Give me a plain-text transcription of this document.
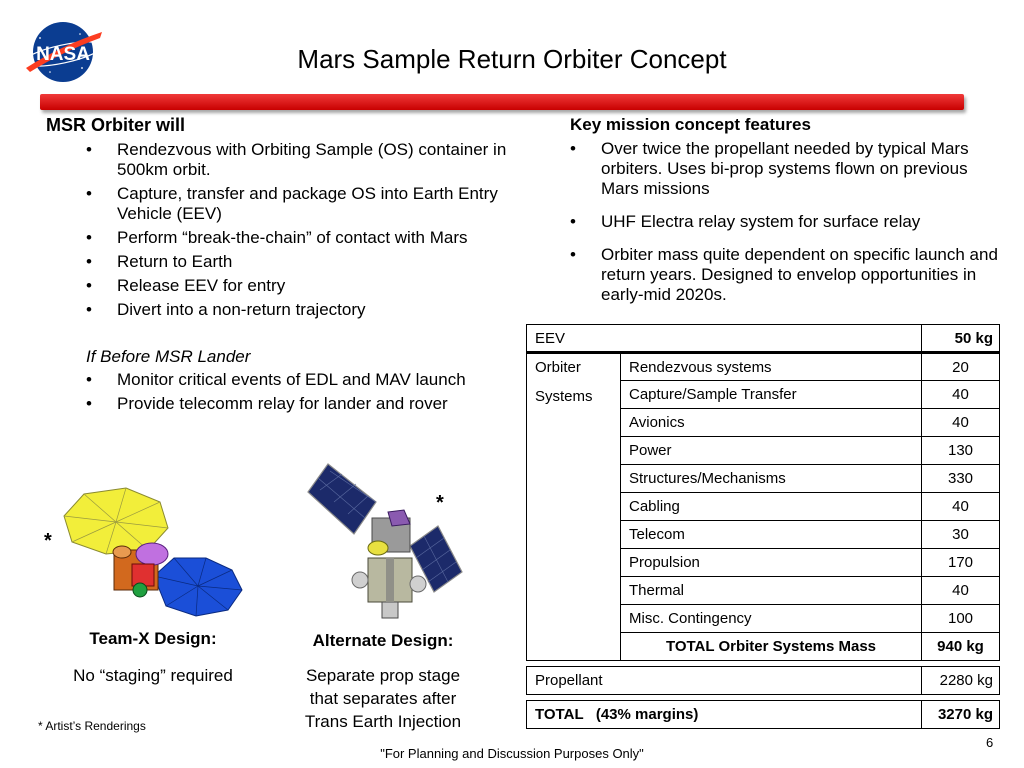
NASA	Mars Sample Return Orbiter Concept
MSR Orbiter will
• Rendezvous with Orbiting Sample (OS) container in 500km orbit.
• Capture, transfer and package OS into Earth Entry Vehicle (EEV)
• Perform “break-the-chain” of contact with Mars
• Return to Earth
• Release EEV for entry
• Divert into a non-return trajectory
If Before MSR Lander
• Monitor critical events of EDL and MAV launch
• Provide telecomm relay for lander and rover
Key mission concept features
• Over twice the propellant needed by typical Mars orbiters. Uses bi-prop systems flown on previous Mars missions
• UHF Electra relay system for surface relay
• Orbiter mass quite dependent on specific launch and return years. Designed to envelop opportunities in early-mid 2020s.
EEV		50 kg

Orbiter
Systems	Rendezvous systems	20
	Capture/Sample Transfer	40
	Avionics	40
	Power	130
	Structures/Mechanisms	330
	Cabling	40
	Telecom	30
	Propulsion	170
	Thermal	40
	Misc. Contingency	100
	TOTAL Orbiter Systems Mass	940 kg

Propellant		2280 kg

TOTAL   (43% margins)		3270 kg
*
*
Team-X Design:
No “staging” required
Alternate Design:
Separate prop stage
that separates after
Trans Earth Injection
* Artist’s Renderings
"For Planning and Discussion Purposes Only"
6
